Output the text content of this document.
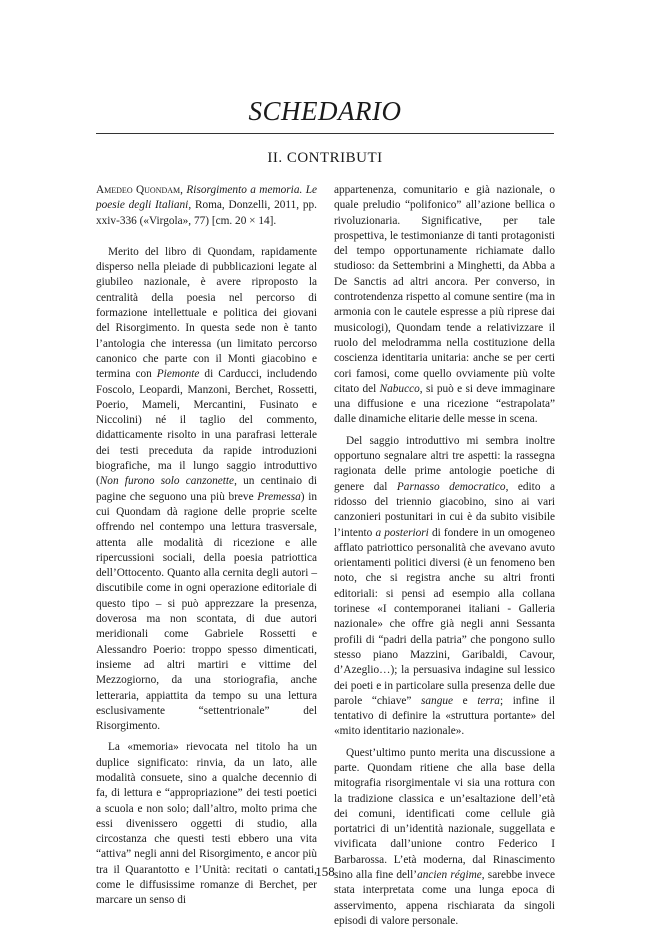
SCHEDARIO
II. CONTRIBUTI

Amedeo Quondam, Risorgimento a memoria. Le poesie degli Italiani, Roma, Donzelli, 2011, pp. xxiv-336 («Virgola», 77) [cm. 20 × 14].

Merito del libro di Quondam, rapidamente disperso nella pleiade di pubblicazioni legate al giubileo nazionale, è avere riproposto la centralità della poesia nel percorso di formazione intellettuale e politica dei giovani del Risorgimento. In questa sede non è tanto l’antologia che interessa (un limitato percorso canonico che parte con il Monti giacobino e termina con Piemonte di Carducci, includendo Foscolo, Leopardi, Manzoni, Berchet, Rossetti, Poerio, Mameli, Mercantini, Fusinato e Niccolini) né il taglio del commento, didatticamente risolto in una parafrasi letterale dei testi preceduta da rapide introduzioni biografiche, ma il lungo saggio introduttivo (Non furono solo canzonette, un centinaio di pagine che seguono una più breve Premessa) in cui Quondam dà ragione delle proprie scelte offrendo nel contempo una lettura trasversale, attenta alle modalità di ricezione e alle ripercussioni sociali, della poesia patriottica dell’Ottocento. Quanto alla cernita degli autori – discutibile come in ogni operazione editoriale di questo tipo – si può apprezzare la presenza, doverosa ma non scontata, di due autori meridionali come Gabriele Rossetti e Alessandro Poerio: troppo spesso dimenticati, insieme ad altri martiri e vittime del Mezzogiorno, da una storiografia, anche letteraria, appiattita da tempo su una lettura esclusivamente “settentrionale” del Risorgimento.

La «memoria» rievocata nel titolo ha un duplice significato: rinvia, da un lato, alle modalità consuete, sino a qualche decennio di fa, di lettura e “appropriazione” dei testi poetici a scuola e non solo; dall’altro, molto prima che essi divenissero oggetti di studio, alla circostanza che questi testi ebbero una vita “attiva” negli anni del Risorgimento, e ancor più tra il Quarantotto e l’Unità: recitati o cantati, come le diffusissime romanze di Berchet, per marcare un senso di

appartenenza, comunitario e già nazionale, o quale preludio “polifonico” all’azione bellica o rivoluzionaria. Significative, per tale prospettiva, le testimonianze di tanti protagonisti del tempo opportunamente richiamate dallo studioso: da Settembrini a Minghetti, da Abba a De Sanctis ad altri ancora. Per converso, in controtendenza rispetto al comune sentire (ma in armonia con le cautele espresse a più riprese dai musicologi), Quondam tende a relativizzare il ruolo del melodramma nella costituzione della coscienza identitaria unitaria: anche se per certi cori famosi, come quello ovviamente più volte citato del Nabucco, si può e si deve immaginare una diffusione e una ricezione “estrapolata” dalle dinamiche elitarie delle messe in scena.

Del saggio introduttivo mi sembra inoltre opportuno segnalare altri tre aspetti: la rassegna ragionata delle prime antologie poetiche di genere dal Parnasso democratico, edito a ridosso del triennio giacobino, sino ai vari canzonieri postunitari in cui è da subito visibile l’intento a posteriori di fondere in un omogeneo afflato patriottico personalità che avevano avuto orientamenti politici diversi (è un fenomeno ben noto, che si registra anche su altri fronti editoriali: si pensi ad esempio alla collana torinese «I contemporanei italiani - Galleria nazionale» che offre già negli anni Sessanta profili di “padri della patria” che pongono sullo stesso piano Mazzini, Garibaldi, Cavour, d’Azeglio…); la persuasiva indagine sul lessico dei poeti e in particolare sulla presenza delle due parole “chiave” sangue e terra; infine il tentativo di definire la «struttura portante» del «mito identitario nazionale».

Quest’ultimo punto merita una discussione a parte. Quondam ritiene che alla base della mitografia risorgimentale vi sia una rottura con la tradizione classica e un’esaltazione dell’età dei comuni, identificati come cellule già portatrici di un’identità nazionale, suggellata e vivificata dall’unione contro Federico I Barbarossa. L’età moderna, dal Rinascimento sino alla fine dell’ancien régime, sarebbe invece stata interpretata come una lunga epoca di asservimento, appena rischiarata da singoli episodi di valore personale.

158
